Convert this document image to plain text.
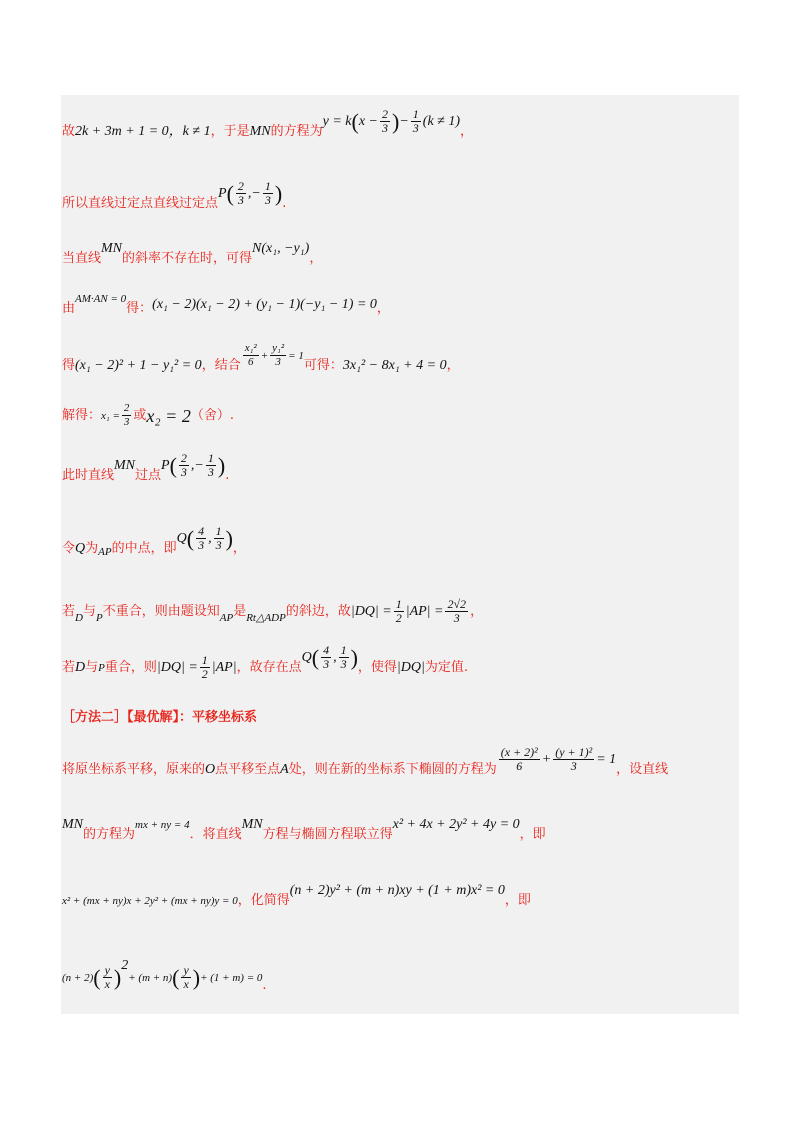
故 2k + 3m + 1 = 0，k ≠ 1 ，于是 MN 的方程为
y = k ( $x - \frac{2}{3}$ ) − $\frac{1}{3} (k \ne 1)$
，
所以直线过定点直线过定点
P ( $\frac{2}{3}$ ,− $\frac{1}{3}$ ) .
当直线
MN
的斜率不存在时，可得
N(x₁, −y₁)
，
由
AM·AN = 0
得： (x₁ − 2)(x₁ − 2) + (y₁ − 1)(−y₁ − 1) = 0 ，
得 (x₁ − 2)² + 1 − y₁² = 0 ，结合 $\frac{\text{x₁²}}{6} + \frac{\text{y₁²}}{3} = 1$
可得： 3x₁² − 8x₁ + 4 = 0 ，
解得： $x_1 = \frac{2}{3}$ 或 x₂ = 2 （舍）.
此时直线
MN
过点
P ( $\frac{2}{3}$ ,− $\frac{1}{3}$ ) .
令 Q 为 AP 的中点，即
Q ( $\frac{4}{3}$ , $\frac{1}{3}$ ) ，
若 D 与 P 不重合，则由题设知 AP 是 Rt△ADP 的斜边，故 $|DQ| = \frac{1}{2} |AP| = \frac{2√2}{3}$ ，
若 D 与 P 重合，则 $|DQ| = \frac{1}{2} |AP|$ ，故存在点
Q ( $\frac{4}{3}$ , $\frac{1}{3}$ ) ，使得 |DQ| 为定值.
［方法二］【最优解】：平移坐标系
将原坐标系平移，原来的 O 点平移至点 A 处，则在新的坐标系下椭圆的方程为 $\frac{\text{(x + 2)²}}{6} + \frac{\text{(y + 1)²}}{3} = 1$
，设直线
MN
的方程为
mx + ny = 4
．将直线
MN
方程与椭圆方程联立得
x² + 4x + 2y² + 4y = 0
，即
x² + (mx + ny)x + 2y² + (mx + ny)y = 0 ，化简得
(n + 2)y² + (m + n)xy + (1 + m)x² = 0
，即
(n + 2) ( $\frac{y}{x} )^2$
+ (m + n) ( $\frac{y}{x}$ ) + (1 + m) = 0 .
